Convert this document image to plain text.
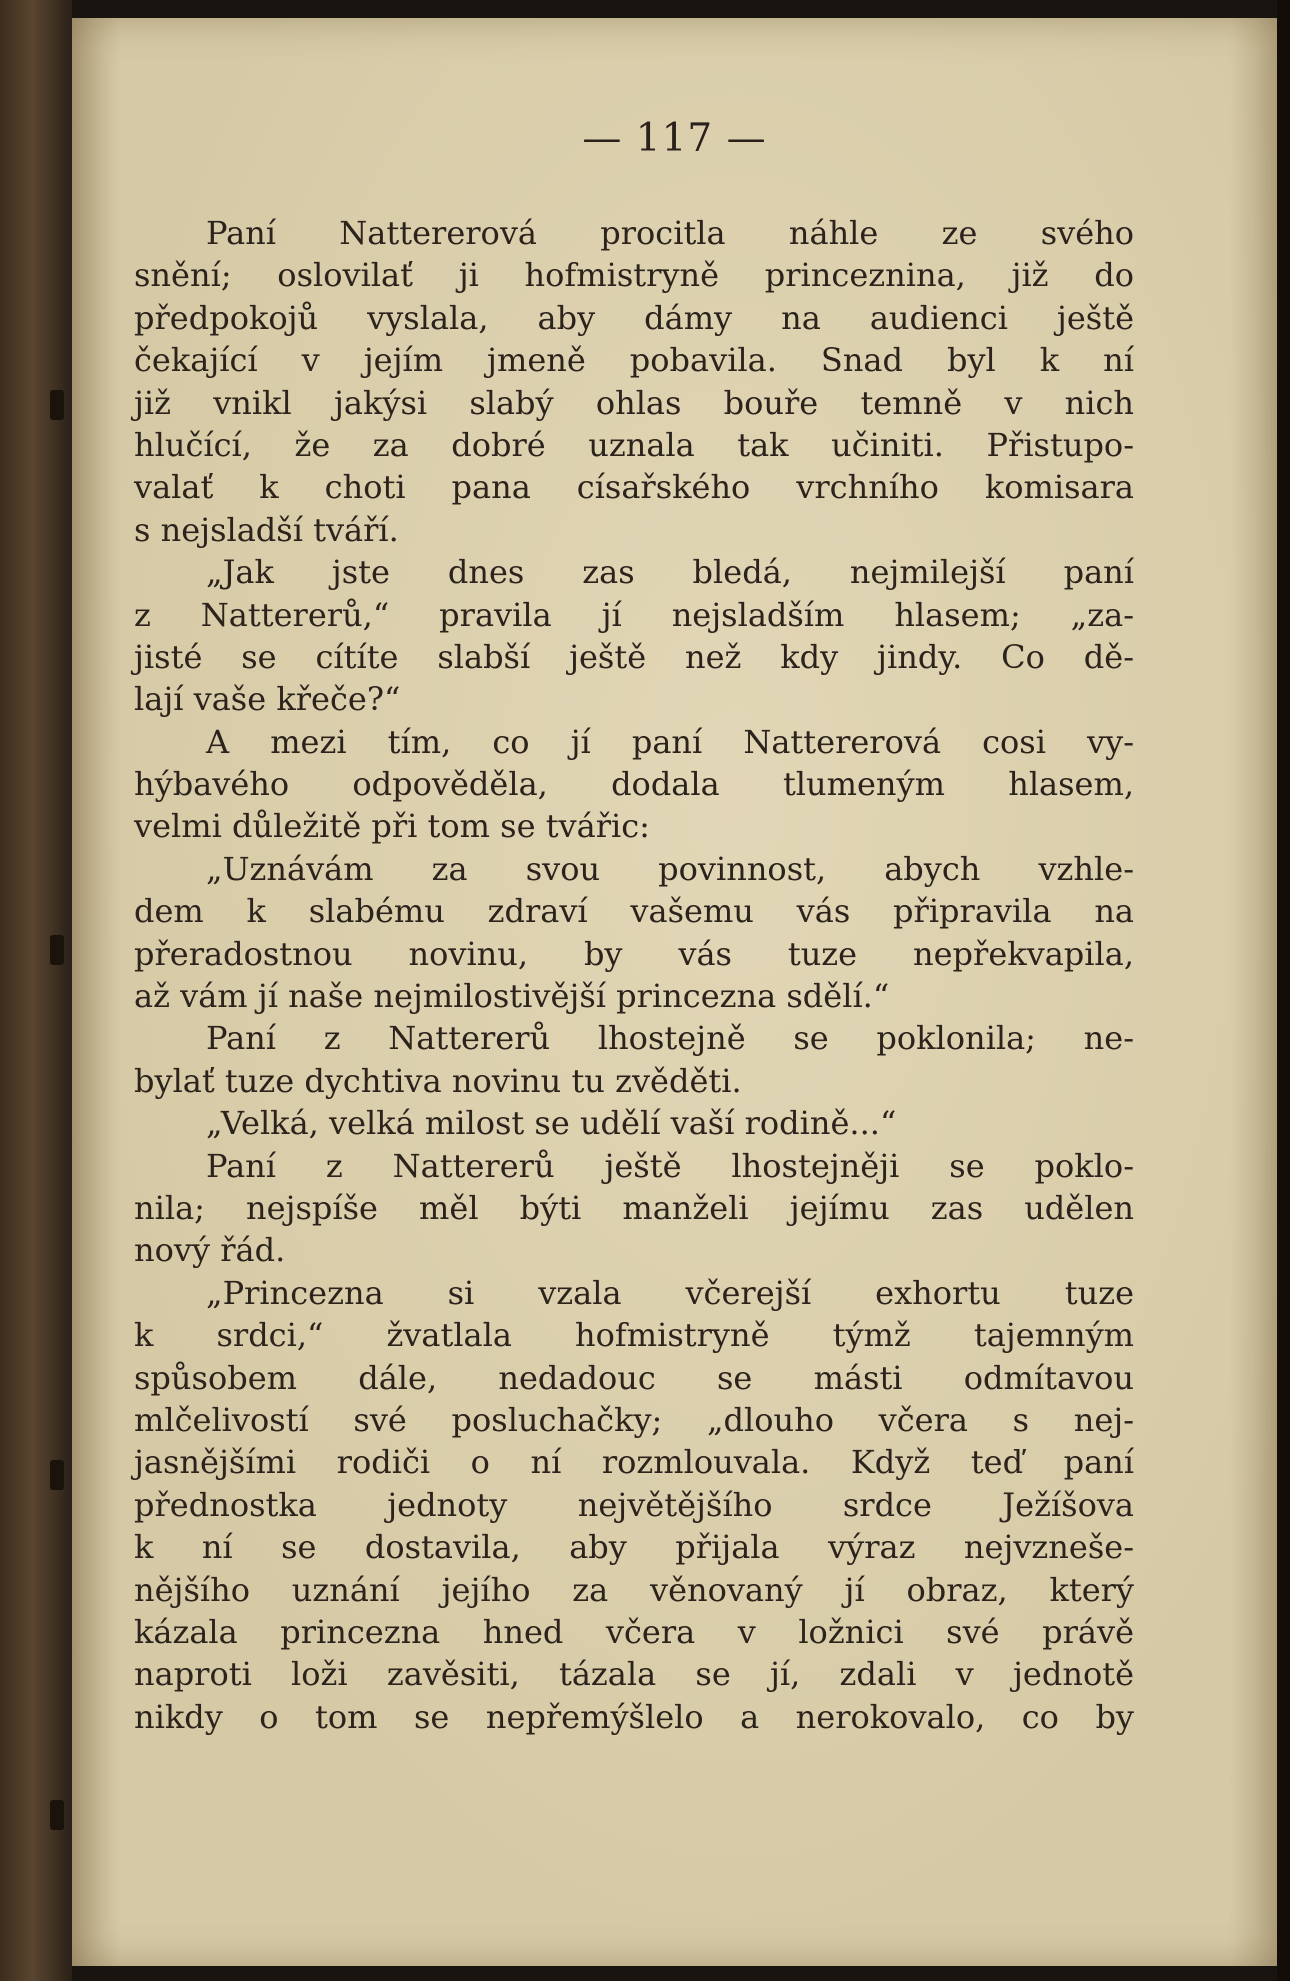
— 117 —
Paní Nattererová procitla náhle ze svého
snění; oslovilať ji hofmistryně princeznina, již do
předpokojů vyslala, aby dámy na audienci ještě
čekající v jejím jmeně pobavila. Snad byl k ní
již vnikl jakýsi slabý ohlas bouře temně v nich
hlučící, že za dobré uznala tak učiniti. Přistupo-
valať k choti pana císařského vrchního komisara
s nejsladší tváří.
„Jak jste dnes zas bledá, nejmilejší paní
z Nattererů,“ pravila jí nejsladším hlasem; „za-
jisté se cítíte slabší ještě než kdy jindy. Co dě-
lají vaše křeče?“
A mezi tím, co jí paní Nattererová cosi vy-
hýbavého odpověděla, dodala tlumeným hlasem,
velmi důležitě při tom se tvářic:
„Uznávám za svou povinnost, abych vzhle-
dem k slabému zdraví vašemu vás připravila na
přeradostnou novinu, by vás tuze nepřekvapila,
až vám jí naše nejmilostivější princezna sdělí.“
Paní z Nattererů lhostejně se poklonila; ne-
bylať tuze dychtiva novinu tu zvěděti.
„Velká, velká milost se udělí vaší rodině...“
Paní z Nattererů ještě lhostejněji se poklo-
nila; nejspíše měl býti manželi jejímu zas udělen
nový řád.
„Princezna si vzala včerejší exhortu tuze
k srdci,“ žvatlala hofmistryně týmž tajemným
spůsobem dále, nedadouc se másti odmítavou
mlčelivostí své posluchačky; „dlouho včera s nej-
jasnějšími rodiči o ní rozmlouvala. Když teď paní
přednostka jednoty největějšího srdce Ježíšova
k ní se dostavila, aby přijala výraz nejvzneše-
nějšího uznání jejího za věnovaný jí obraz, který
kázala princezna hned včera v ložnici své právě
naproti loži zavěsiti, tázala se jí, zdali v jednotě
nikdy o tom se nepřemýšlelo a nerokovalo, co by
